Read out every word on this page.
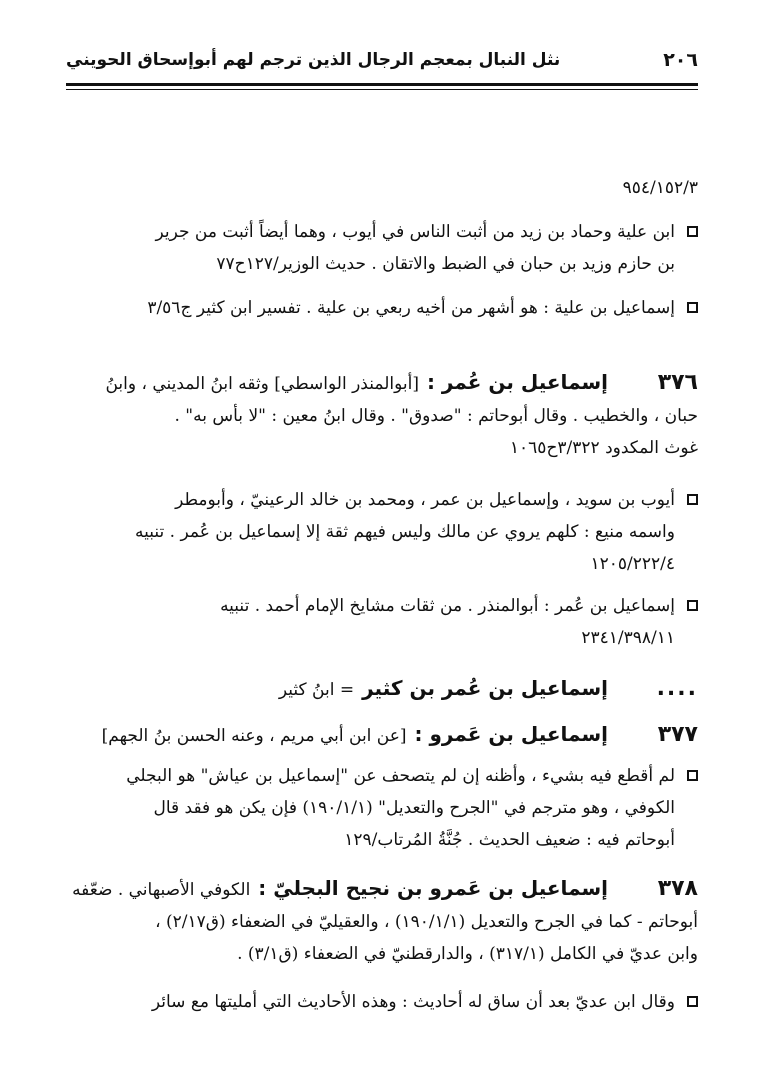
٢٠٦
نثل النبال بمعجم الرجال الذين ترجم لهم أبوإسحاق الحويني
٩٥٤/١٥٢/٣
ابن علية وحماد بن زيد من أثبت الناس في أيوب ، وهما أيضاً أثبت من جرير
بن حازم وزيد بن حبان في الضبط والاتقان . حديث الوزير/١٢٧ح٧٧
إسماعيل بن علية : هو أشهر من أخيه ربعي بن علية . تفسير ابن كثير ج٣/٥٦
٣٧٦
إسماعيل بن عُمر :
[أبوالمنذر الواسطي] وثقه ابنُ المديني ، وابنُ
حبان ، والخطيب . وقال أبوحاتم : "صدوق" . وقال ابنُ معين : "لا بأس به" .
غوث المكدود ٣/٣٢٢ح١٠٦٥
أيوب بن سويد ، وإسماعيل بن عمر ، ومحمد بن خالد الرعينيّ ، وأبومطر
واسمه منيع : كلهم يروي عن مالك وليس فيهم ثقة إلا إسماعيل بن عُمر . تنبيه
١٢٠٥/٢٢٢/٤
إسماعيل بن عُمر : أبوالمنذر . من ثقات مشايخ الإمام أحمد . تنبيه
٢٣٤١/٣٩٨/١١
....
إسماعيل بن عُمر بن كثير
= ابنُ كثير
٣٧٧
إسماعيل بن عَمرو :
[عن ابن أبي مريم ، وعنه الحسن بنُ الجهم]
لم أقطع فيه بشيء ، وأظنه إن لم يتصحف عن "إسماعيل بن عياش" هو البجلي
الكوفي ، وهو مترجم في "الجرح والتعديل" (١٩٠/١/١) فإن يكن هو فقد قال
أبوحاتم فيه : ضعيف الحديث . جُنَّةُ المُرتاب/١٢٩
٣٧٨
إسماعيل بن عَمرو بن نجيح البجليّ :
الكوفي الأصبهاني . ضعّفه
أبوحاتم - كما في الجرح والتعديل (١٩٠/١/١) ، والعقيليّ في الضعفاء (ق٢/١٧) ،
وابن عديّ في الكامل (٣١٧/١) ، والدارقطنيّ في الضعفاء (ق٣/١) .
وقال ابن عديّ بعد أن ساق له أحاديث : وهذه الأحاديث التي أمليتها مع سائر
